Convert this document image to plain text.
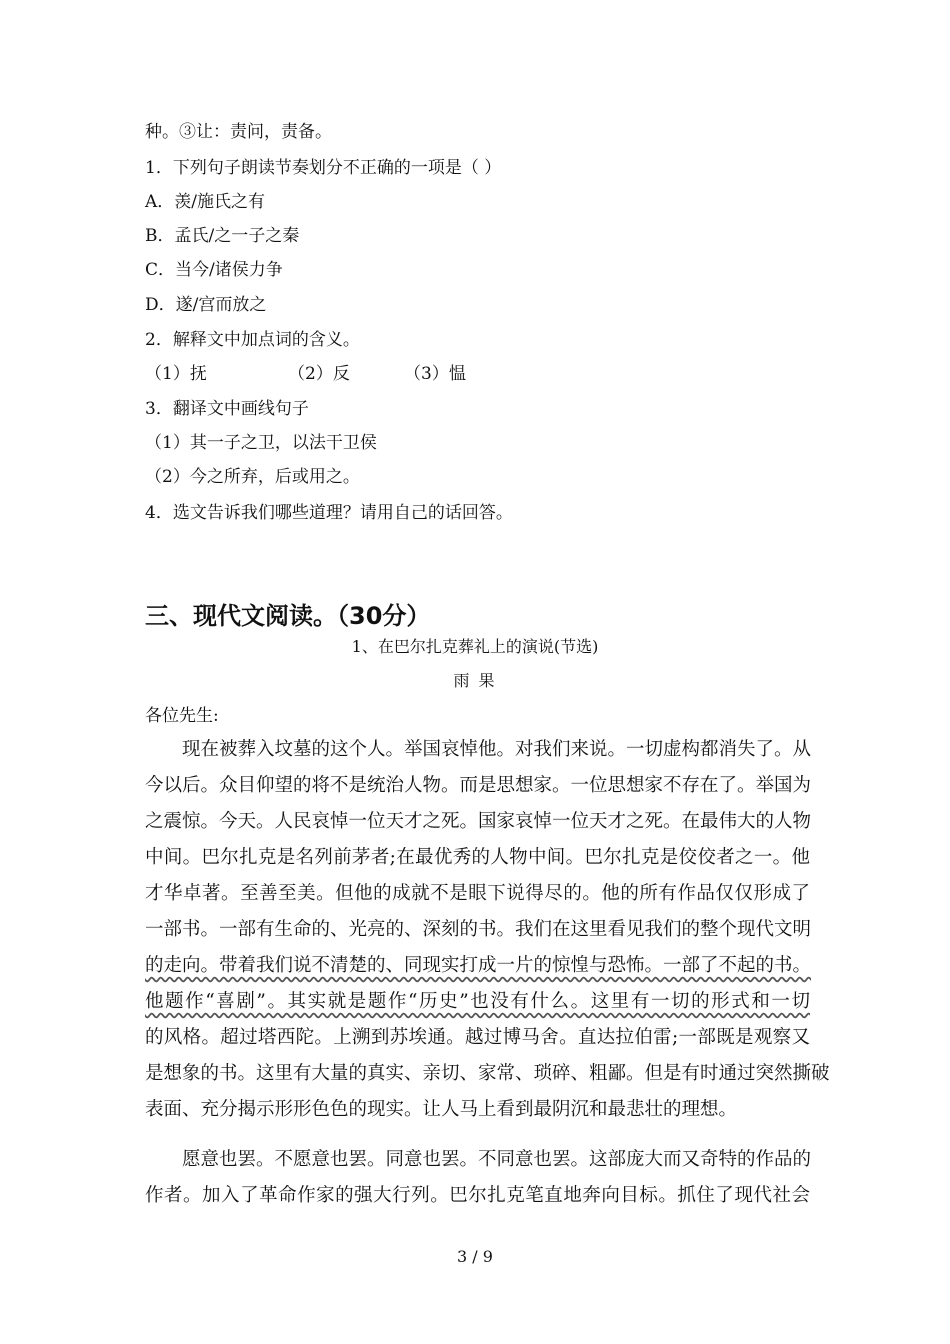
种。③让：责问，责备。
1．下列句子朗读节奏划分不正确的一项是（ ）
A．羡/施氏之有
B．孟氏/之一子之秦
C．当今/诸侯力争
D．遂/宫而放之
2．解释文中加点词的含义。
（1）抚	（2）反	（3）愠
3．翻译文中画线句子
（1）其一子之卫，以法干卫侯
（2）今之所弃，后或用之。
4．选文告诉我们哪些道理？请用自己的话回答。
三、现代文阅读。（30分）
1、在巴尔扎克葬礼上的演说(节选)
雨 果
各位先生:
　　现在被葬入坟墓的这个人。举国哀悼他。对我们来说。一切虚构都消失了。从
今以后。众目仰望的将不是统治人物。而是思想家。一位思想家不存在了。举国为
之震惊。今天。人民哀悼一位天才之死。国家哀悼一位天才之死。在最伟大的人物
中间。巴尔扎克是名列前茅者;在最优秀的人物中间。巴尔扎克是佼佼者之一。他
才华卓著。至善至美。但他的成就不是眼下说得尽的。他的所有作品仅仅形成了
一部书。一部有生命的、光亮的、深刻的书。我们在这里看见我们的整个现代文明
的走向。带着我们说不清楚的、同现实打成一片的惊惶与恐怖。一部了不起的书。
他题作“喜剧”。其实就是题作“历史”也没有什么。这里有一切的形式和一切
的风格。超过塔西陀。上溯到苏埃通。越过博马舍。直达拉伯雷;一部既是观察又
是想象的书。这里有大量的真实、亲切、家常、琐碎、粗鄙。但是有时通过突然撕破
表面、充分揭示形形色色的现实。让人马上看到最阴沉和最悲壮的理想。
　　愿意也罢。不愿意也罢。同意也罢。不同意也罢。这部庞大而又奇特的作品的
作者。加入了革命作家的强大行列。巴尔扎克笔直地奔向目标。抓住了现代社会
3 / 9
